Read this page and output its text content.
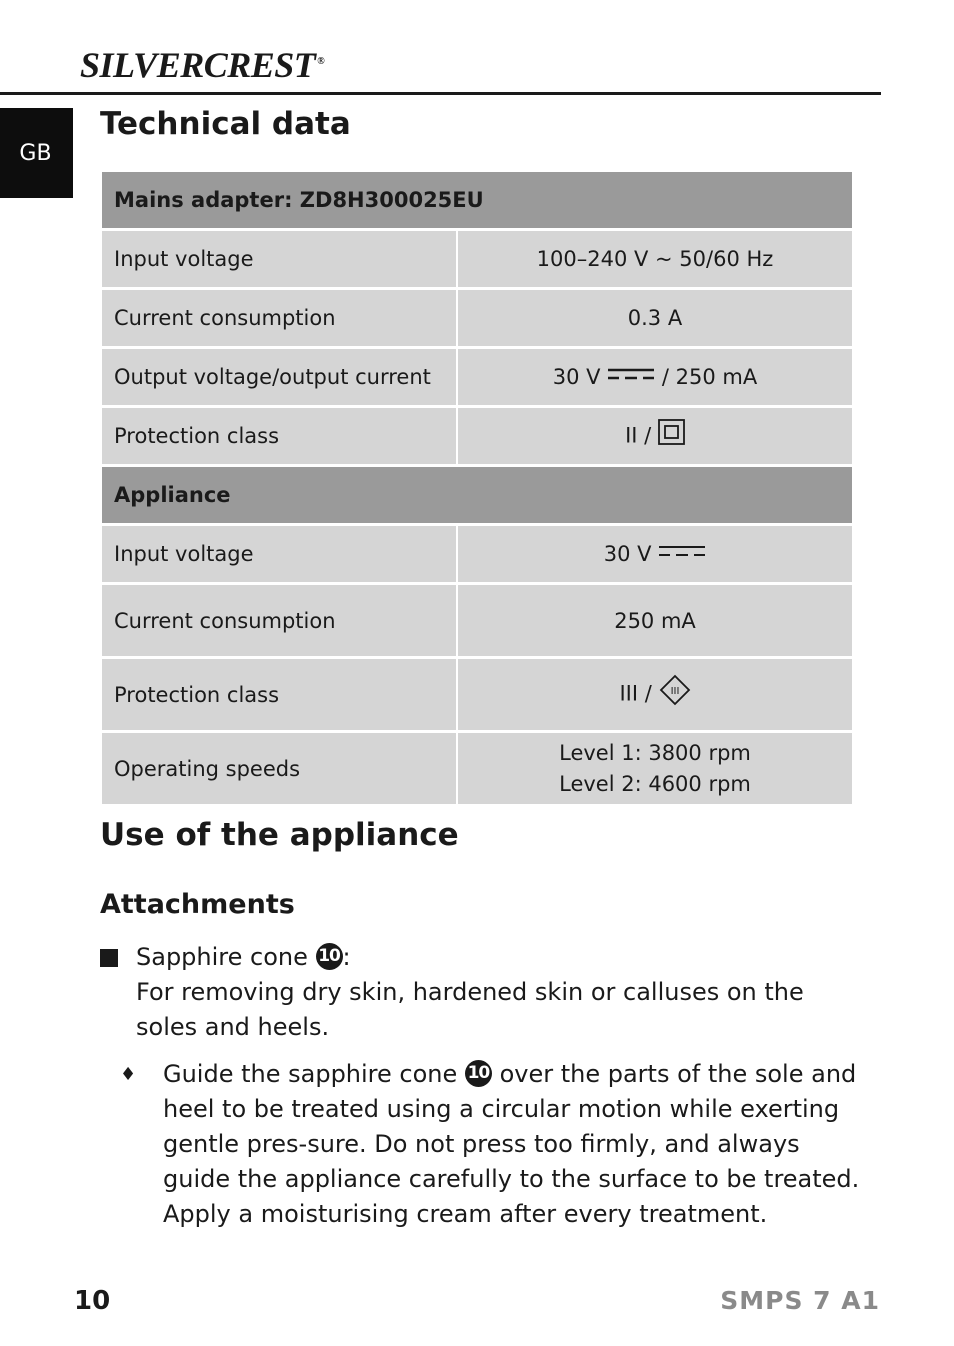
SILVERCREST ®
GB
Technical data
Mains adapter: ZD8H300025EU	
Input voltage	100–240 V ~ 50/60 Hz
Current consumption	0.3 A
Output voltage/output current	30 V / 250 mA
Protection class	II /
Appliance	
Input voltage	30 V

Current consumption	250 mA
Protection class	III / III

Operating speeds	Level 1: 3800 rpm
Level 2: 4600 rpm
Use of the appliance
Attachments
Sapphire cone 10 :
For removing dry skin, hardened skin or calluses on the soles and heels.
♦ Guide the sapphire cone 10 over the parts of the sole and heel to be treated using a circular motion while exerting gentle pres-sure. Do not press too firmly, and always guide the appliance carefully to the surface to be treated. Apply a moisturising cream after every treatment.
10	SMPS 7 A1
